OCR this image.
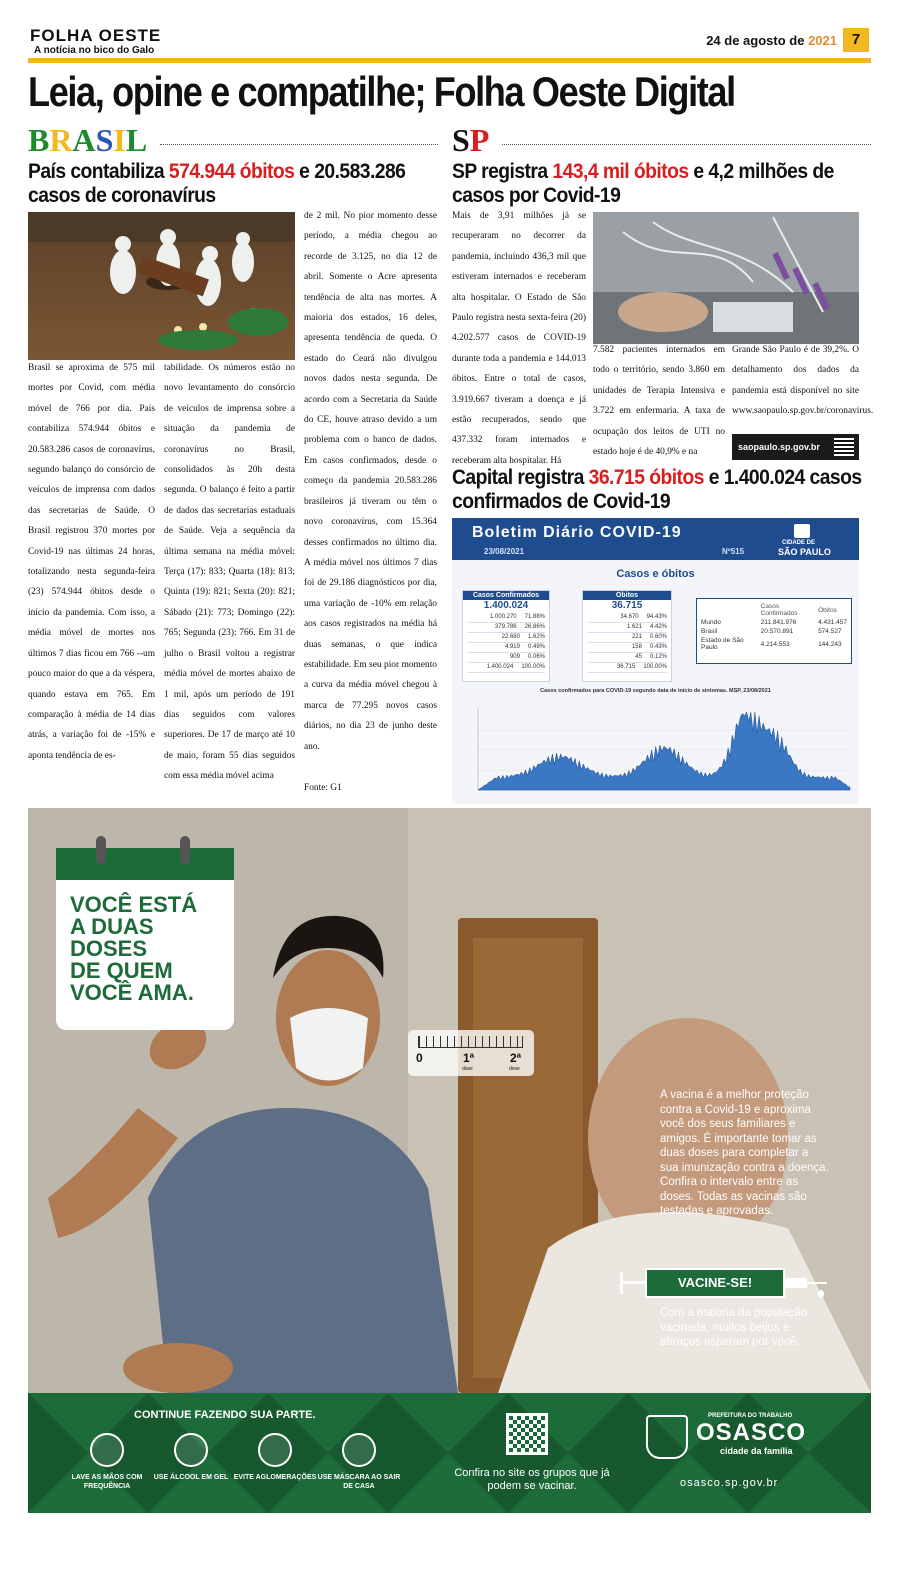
FOLHA OESTE
A notícia no bico do Galo
24 de agosto de 2021 7
Leia, opine e compatilhe; Folha Oeste Digital
BRASIL
País contabiliza 574.944 óbitos e 20.583.286 casos de coronavírus
Brasil se aproxima de 575 mil mortes por Covid, com média móvel de 766 por dia. País contabiliza 574.944 óbitos e 20.583.286 casos de coronavírus, segundo balanço do consórcio de veículos de imprensa com dados das secretarias de Saúde. O Brasil registrou 370 mortes por Covid-19 nas últimas 24 horas, totalizando nesta segunda-feira (23) 574.944 óbitos desde o início da pandemia. Com isso, a média móvel de mortes nos últimos 7 dias ficou em 766 --um pouco maior do que a da véspera, quando estava em 765. Em comparação à média de 14 dias atrás, a variação foi de -15% e aponta tendência de es-
tabilidade. Os números estão no novo levantamento do consórcio de veículos de imprensa sobre a situação da pandemia de coronavírus no Brasil, consolidados às 20h desta segunda. O balanço é feito a partir de dados das secretarias estaduais de Saúde. Veja a sequência da última semana na média móvel: Terça (17): 833; Quarta (18): 813; Quinta (19): 821; Sexta (20): 821; Sábado (21): 773; Domingo (22): 765; Segunda (23): 766. Em 31 de julho o Brasil voltou a registrar média móvel de mortes abaixo de 1 mil, após um período de 191 dias seguidos com valores superiores. De 17 de março até 10 de maio, foram 55 dias seguidos com essa média móvel acima
de 2 mil. No pior momento desse período, a média chegou ao recorde de 3.125, no dia 12 de abril. Somente o Acre apresenta tendência de alta nas mortes. A maioria dos estados, 16 deles, apresenta tendência de queda. O estado do Ceará não divulgou novos dados nesta segunda. De acordo com a Secretaria da Saúde do CE, houve atraso devido a um problema com o banco de dados. Em casos confirmados, desde o começo da pandemia 20.583.286 brasileiros já tiveram ou têm o novo coronavírus, com 15.364 desses confirmados no último dia. A média móvel nos últimos 7 dias foi de 29.186 diagnósticos por dia, uma variação de -10% em relação aos casos registrados na média há duas semanas, o que indica estabilidade. Em seu pior momento a curva da média móvel chegou à marca de 77.295 novos casos diários, no dia 23 de junho deste ano.
Fonte: G1
SP
SP registra 143,4 mil óbitos e 4,2 milhões de casos por Covid-19
Mais de 3,91 milhões já se recuperaram no decorrer da pandemia, incluindo 436,3 mil que estiveram internados e receberam alta hospitalar. O Estado de São Paulo registra nesta sexta-feira (20) 4.202.577 casos de COVID-19 durante toda a pandemia e 144.013 óbitos. Entre o total de casos, 3.919.667 tiveram a doença e já estão recuperados, sendo que 437.332 foram internados e receberam alta hospitalar. Há
7.582 pacientes internados em todo o território, sendo 3.860 em unidades de Terapia Intensiva e 3.722 em enfermaria. A taxa de ocupação dos leitos de UTI no estado hoje é de 40,9% e na
Grande São Paulo é de 39,2%. O detalhamento dos dados da pandemia está disponível no site www.saopaulo.sp.gov.br/coronavirus.
saopaulo.sp.gov.br
Capital registra 36.715 óbitos e 1.400.024 casos confirmados de Covid-19
Boletim Diário COVID-19
23/08/2021	Nº515
CIDADE DE
SÃO PAULO
Casos e óbitos
Casos Confirmados
1.400.024
1.000.270 71.88%
379.786 26.86%
22.680 1.62%
4.919 0.49%
909 0.06%
1.400.024 100.00%
Óbitos
36.715
34.670 94.43%
1.621 4.42%
221 0.60%
158 0.43%
45 0.12%
36.715 100.00%
	Casos Confirmados	Óbitos
Mundo	211.841.976	4.431.457
Brasil	20.570.891	574.527
Estado de São Paulo	4.214.553	144.243
Casos confirmados para COVID-19 segundo data de início de sintomas. MSP, 23/08/2021
VOCÊ ESTÁ
A DUAS
DOSES
DE QUEM
VOCÊ AMA.
0	1ª	2ª
dose	dose
A vacina é a melhor proteção contra a Covid-19 e aproxima você dos seus familiares e amigos. É importante tomar as duas doses para completar a sua imunização contra a doença. Confira o intervalo entre as doses. Todas as vacinas são testadas e aprovadas.
VACINE-SE!
Com a maioria da população vacinada, muitos beijos e abraços esperam por você.
CONTINUE FAZENDO SUA PARTE.
LAVE AS MÃOS COM FREQUÊNCIA
USE ÁLCOOL EM GEL EVITE AGLOMERAÇÕES USE MÁSCARA AO SAIR DE CASA
Confira no site os grupos que já podem se vacinar.
PREFEITURA DO TRABALHO
OSASCO
cidade da família
osasco.sp.gov.br
